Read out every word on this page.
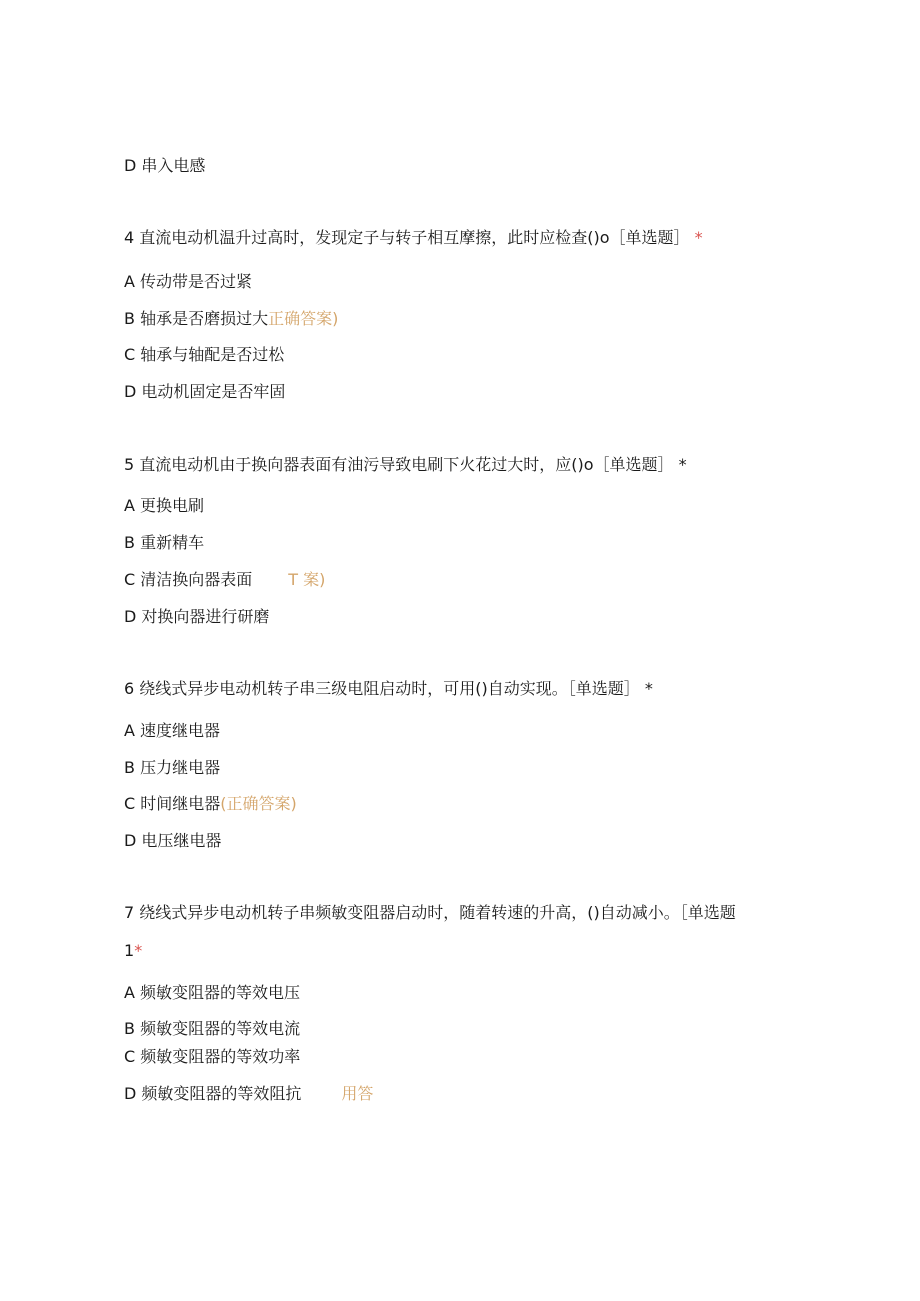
D 串入电感
4 直流电动机温升过高时，发现定子与转子相互摩擦，此时应检查()o［单选题］ *
A 传动带是否过紧
B 轴承是否磨损过大正确答案)
C 轴承与轴配是否过松
D 电动机固定是否牢固
5 直流电动机由于换向器表面有油污导致电刷下火花过大时，应()o［单选题］ *
A 更换电刷
B 重新精车
C 清洁换向器表面 T 案)
D 对换向器进行研磨
6 绕线式异步电动机转子串三级电阻启动时，可用()自动实现。［单选题］ *
A 速度继电器
B 压力继电器
C 时间继电器(正确答案)
D 电压继电器
7 绕线式异步电动机转子串频敏变阻器启动时，随着转速的升高，()自动减小。［单选题
1*
A 频敏变阻器的等效电压
B 频敏变阻器的等效电流
C 频敏变阻器的等效功率
D 频敏变阻器的等效阻抗	用答
